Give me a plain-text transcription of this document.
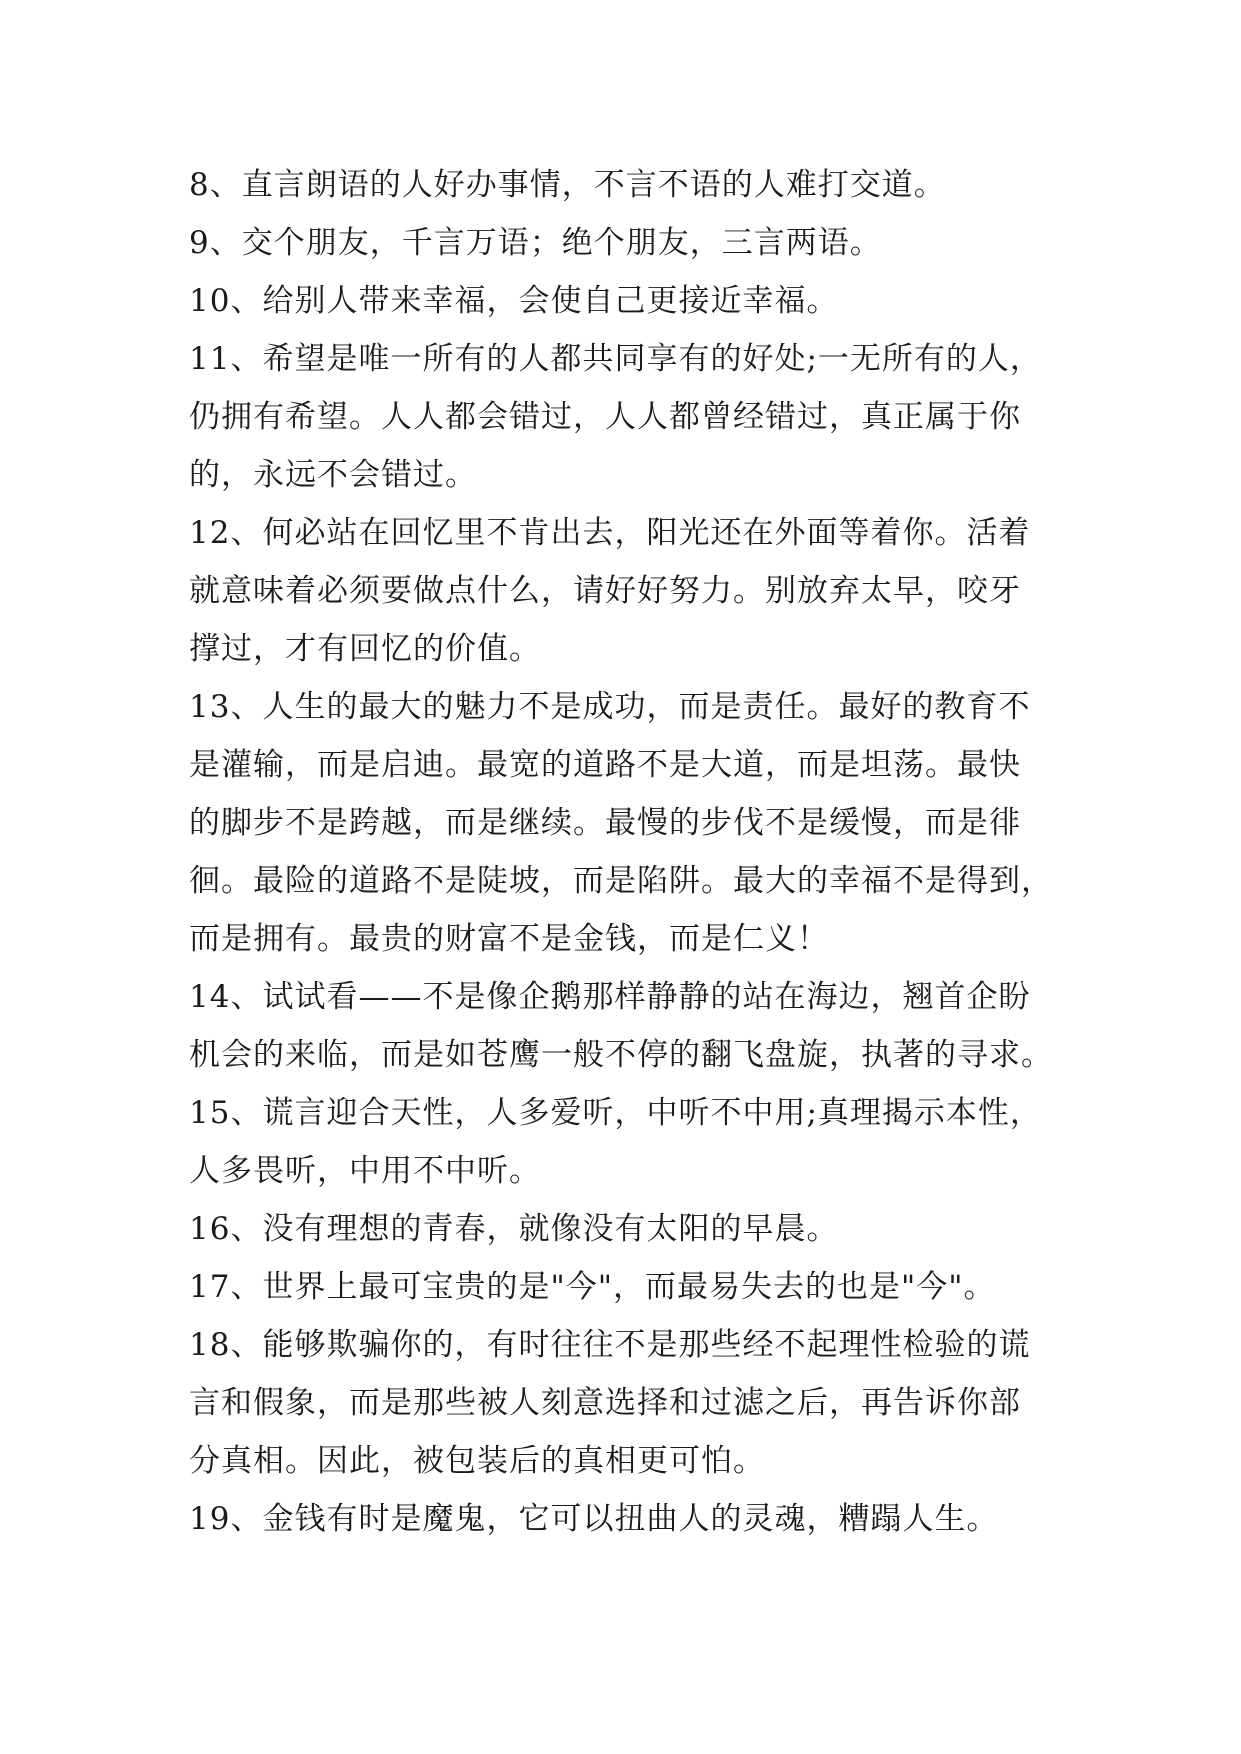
8、直言朗语的人好办事情，不言不语的人难打交道。
9、交个朋友，千言万语；绝个朋友，三言两语。
10、给别人带来幸福，会使自己更接近幸福。
11、希望是唯一所有的人都共同享有的好处;一无所有的人，
仍拥有希望。人人都会错过，人人都曾经错过，真正属于你
的，永远不会错过。
12、何必站在回忆里不肯出去，阳光还在外面等着你。活着
就意味着必须要做点什么，请好好努力。别放弃太早，咬牙
撑过，才有回忆的价值。
13、人生的最大的魅力不是成功，而是责任。最好的教育不
是灌输，而是启迪。最宽的道路不是大道，而是坦荡。最快
的脚步不是跨越，而是继续。最慢的步伐不是缓慢，而是徘
徊。最险的道路不是陡坡，而是陷阱。最大的幸福不是得到，
而是拥有。最贵的财富不是金钱，而是仁义！
14、试试看——不是像企鹅那样静静的站在海边，翘首企盼
机会的来临，而是如苍鹰一般不停的翻飞盘旋，执著的寻求。
15、谎言迎合天性，人多爱听，中听不中用;真理揭示本性，
人多畏听，中用不中听。
16、没有理想的青春，就像没有太阳的早晨。
17、世界上最可宝贵的是"今"，而最易失去的也是"今"。
18、能够欺骗你的，有时往往不是那些经不起理性检验的谎
言和假象，而是那些被人刻意选择和过滤之后，再告诉你部
分真相。因此，被包装后的真相更可怕。
19、金钱有时是魔鬼，它可以扭曲人的灵魂，糟蹋人生。
